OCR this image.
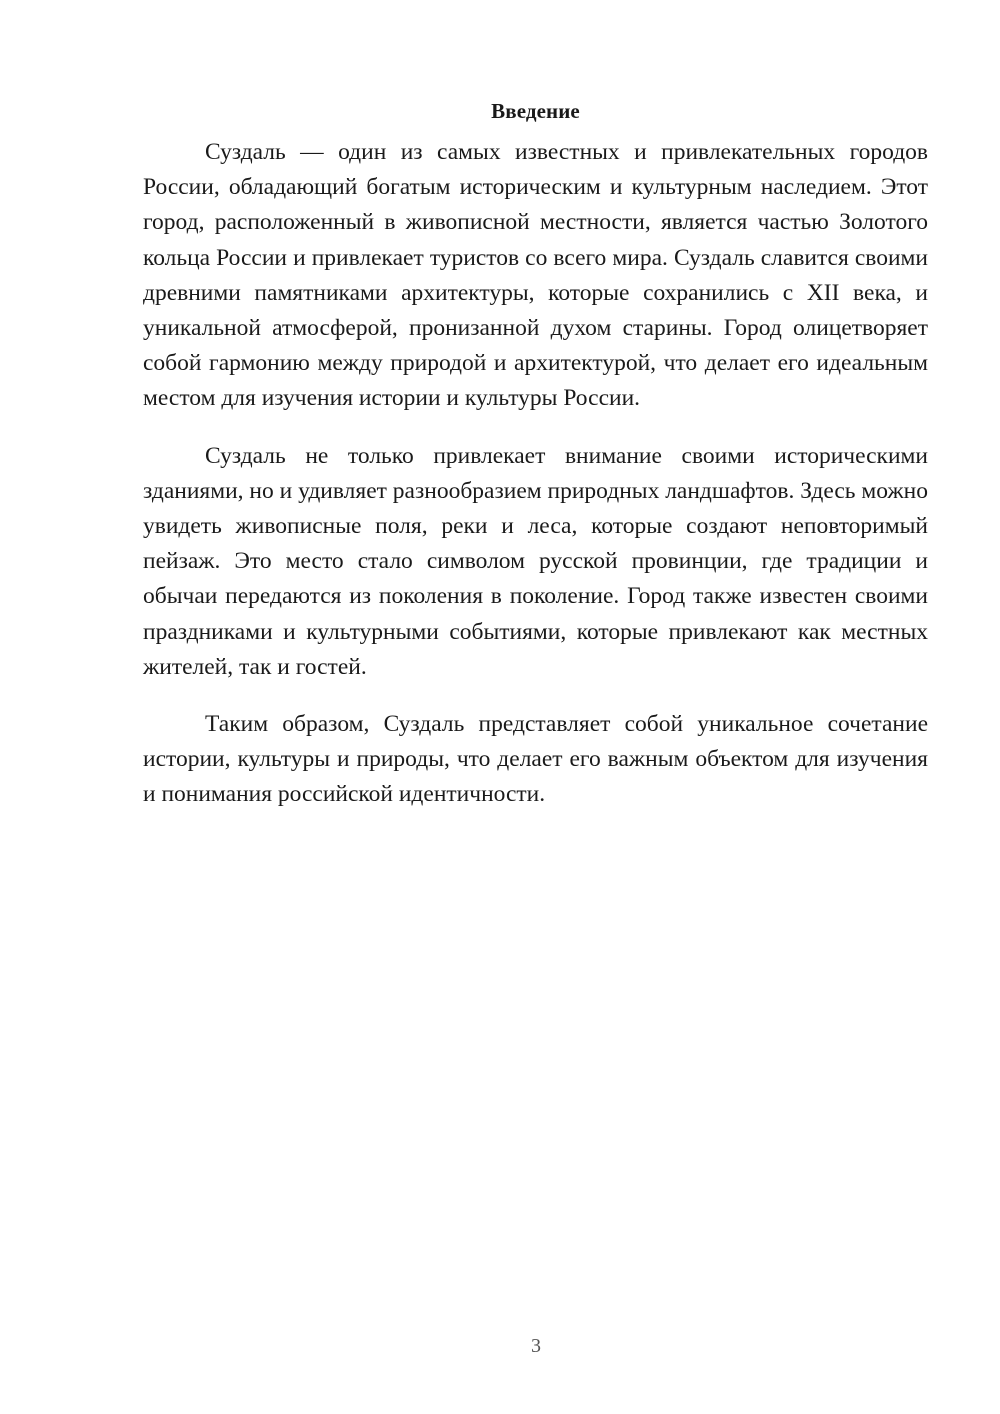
Введение

Суздаль — один из самых известных и привлекательных городов России, обладающий богатым историческим и культурным наследием. Этот город, расположенный в живописной местности, является частью Золотого кольца России и привлекает туристов со всего мира. Суздаль славится своими древними памятниками архитектуры, которые сохранились с XII века, и уникальной атмосферой, пронизанной духом старины. Город олицетворяет собой гармонию между природой и архитектурой, что делает его идеальным местом для изучения истории и культуры России.

Суздаль не только привлекает внимание своими историческими зданиями, но и удивляет разнообразием природных ландшафтов. Здесь можно увидеть живописные поля, реки и леса, которые создают неповторимый пейзаж. Это место стало символом русской провинции, где традиции и обычаи передаются из поколения в поколение. Город также известен своими праздниками и культурными событиями, которые привлекают как местных жителей, так и гостей.

Таким образом, Суздаль представляет собой уникальное сочетание истории, культуры и природы, что делает его важным объектом для изучения и понимания российской идентичности.

3
